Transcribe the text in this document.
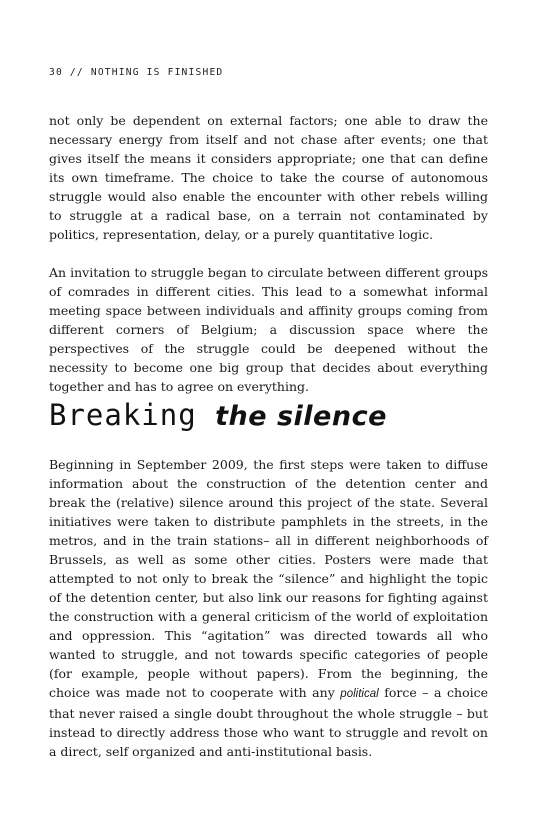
30 // NOTHING IS FINISHED

not only be dependent on external factors; one able to draw the necessary energy from itself and not chase after events; one that gives itself the means it considers appropriate; one that can define its own timeframe. The choice to take the course of autonomous struggle would also enable the encounter with other rebels willing to struggle at a radical base, on a terrain not contaminated by politics, representation, delay, or a purely quantitative logic.

An invitation to struggle began to circulate between different groups of comrades in different cities. This lead to a somewhat informal meeting space between individuals and affinity groups coming from different corners of Belgium; a discussion space where the perspectives of the struggle could be deepened without the necessity to become one big group that decides about everything together and has to agree on everything.

Breaking the silence

Beginning in September 2009, the first steps were taken to diffuse information about the construction of the detention center and break the (relative) silence around this project of the state. Several initiatives were taken to distribute pamphlets in the streets, in the metros, and in the train stations– all in different neighborhoods of Brussels, as well as some other cities. Posters were made that attempted to not only to break the “silence” and highlight the topic of the detention center, but also link our reasons for fighting against the construction with a general criticism of the world of exploitation and oppression. This “agitation” was directed towards all who wanted to struggle, and not towards specific categories of people (for example, people without papers). From the beginning, the choice was made not to cooperate with any political force – a choice that never raised a single doubt throughout the whole struggle – but instead to directly address those who want to struggle and revolt on a direct, self organized and anti-institutional basis.
